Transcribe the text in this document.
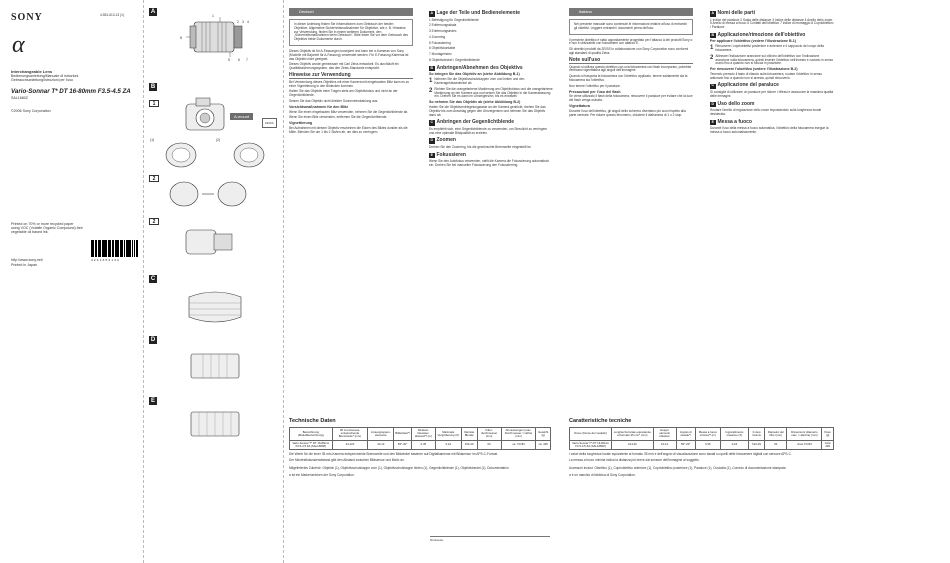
SONY	4-551-613-13 (1)
α
Interchangeable Lens
Bedienungsanleitung/Manuale di istruzioni
Gebrauchsanleitung/Istruzioni per l'uso
Vario-Sonnar T* DT 16-80mm F3.5-4.5 ZA
SAL1680Z
©2006 Sony Corporation
Printed on 70% or more recycled paper using VOC (Volatile Organic Compound)-free vegetable oil based ink.
http://www.sony.net/
Printed in Japan
4 2 6 1 6 5 3 1 3 0
A
1
2 3 4
5 6 7
8
B
1
A-mount
ZEISS
(1)	(2)
2
2
C
D
E
Deutsch
In dieser Anleitung finden Sie Informationen zum Gebrauch der beiden Objektive. Allgemeine Sicherheitsmaßnahmen für Objektive, wie z. B. Hinweise zur Verwendung, finden Sie in einem weiteren Dokument, den „Sicherheitsmaßnahmen beim Gebrauch". Bitte lesen Sie vor dem Gebrauch des Objektivs beide Dokumente durch.

Dieses Objektiv ist für A-Fassungen konzipiert und kann bei α-Kameras von Sony (Modelle mit Bajonett für A-Fassung) verwendet werden. Für E-Fassung-Kameras ist das Objektiv nicht geeignet.

Dieses Objektiv wurde gemeinsam mit Carl Zeiss entwickelt. Es durchläuft ein Qualitätssicherungssystem, das den Zeiss-Standards entspricht.

Hinweise zur Verwendung

Bei Verwendung dieses Objektivs mit einer Kamera mit eingebautem Blitz kann es zu einer Vignettierung in den Bildecken kommen.

Halten Sie das Objektiv beim Tragen stets am Objektivtubus und nicht an der Gegenlichtblende.

Setzen Sie das Objektiv nicht direkter Sonneneinstrahlung aus.

Vorsichtsmaßnahmen für den Blitz

Wenn Sie einen eingebauten Blitz verwenden, nehmen Sie die Gegenlichtblende ab.

Wenn Sie einen Blitz verwenden, entfernen Sie die Gegenlichtblende.

Vignettierung

Bei Aufnahmen mit diesem Objektiv erscheinen die Ecken des Bildes dunkler als die Mitte. Blenden Sie um 1 bis 2 Stufen ab, um dies zu verringern.

A Lage der Teile und Bedienelemente

1 Befestigung für Gegenlichtblende

2 Entfernungsskala

3 Entfernungsindex

4 Zoomring

5 Fokussierring

6 Objektivkontakte

7 Montageindex

8 Objektivdeckel / Gegenlichtblende

B Anbringen/Abnehmen des Objektivs
So bringen Sie das Objektiv an (siehe Abbildung B-1)
1 Nehmen Sie die Objektivschutzkappen vorn und hinten und den Kameragehäusedeckel ab.
2 Richten Sie die orangefarbene Markierung am Objektivtubus und die orangefarbene Markierung an der Kamera aus und setzen Sie das Objektiv in die Kamerafassung ein. Drehen Sie es dann im Uhrzeigersinn, bis es einrastet.
So nehmen Sie das Objektiv ab (siehe Abbildung B-2)

Halten Sie die Objektiventriegelungstaste an der Kamera gedrückt, drehen Sie das Objektiv bis zum Anschlag gegen den Uhrzeigersinn und nehmen Sie das Objektiv dann ab.

C Anbringen der Gegenlichtblende

Es empfiehlt sich, eine Gegenlichtblende zu verwenden, um Streulicht zu verringern und eine optimale Bildqualität zu erzielen.

D Zoomen

Drehen Sie den Zoomring, bis die gewünschte Brennweite eingestellt ist.

E Fokussieren

Wenn Sie den Autofokus verwenden, stellt die Kamera die Fokussierung automatisch ein. Drehen Sie bei manueller Fokussierung den Fokussierring.

Italiano
Nel presente manuale sono contenute le informazioni relative all'uso di entrambi gli obiettivi. Leggere entrambi i documenti prima dell'uso.

Il presente obiettivo è stato appositamente progettato per l'attacco A dei prodotti Sony α e non è utilizzabile con fotocamere con attacco E.

Gli obiettivi prodotti da ZEISS in collaborazione con Sony Corporation sono conformi agli standard di qualità Zeiss.

Note sull'uso

Quando si utilizza questo obiettivo con una fotocamera con flash incorporato, potrebbe verificarsi vignettatura agli angoli dell'immagine.

Quando si trasporta la fotocamera con l'obiettivo applicato, tenere saldamente sia la fotocamera sia l'obiettivo.

Non tenere l'obiettivo per il paraluce.

Precauzioni per l'uso del flash

Se viene utilizzato il flash della fotocamera, rimuovere il paraluce per evitare che la luce del flash venga ostruita.

Vignettatura

Durante l'uso dell'obiettivo, gli angoli dello schermo diventano più scuri rispetto alla parte centrale. Per ridurre questo fenomeno, chiudere il diaframma di 1 o 2 stop.

A Nomi delle parti

1 Indice del paraluce 2 Scala delle distanze 3 Indice delle distanze 4 Anello dello zoom 5 Anello di messa a fuoco 6 Contatti dell'obiettivo 7 Indice di montaggio 8 Copriobiettivo / Paraluce

B Applicazione/rimozione dell'obiettivo
Per applicare l'obiettivo (vedere l'illustrazione B-1)
1 Rimuovere i copriobiettivi posteriore e anteriore e il cappuccio del corpo della fotocamera.
2 Allineare l'indicazione arancione sul cilindro dell'obiettivo con l'indicazione arancione sulla fotocamera, quindi inserire l'obiettivo nell'innesto e ruotarlo in senso orario fino a quando non si blocca in posizione.
Per rimuovere l'obiettivo (vedere l'illustrazione B-2)

Tenendo premuto il tasto di rilascio sulla fotocamera, ruotare l'obiettivo in senso antiorario fino a quando non si arresta, quindi rimuoverlo.

C Applicazione del paraluce

Si consiglia di utilizzare un paraluce per ridurre i riflessi e assicurare la massima qualità delle immagini.

D Uso dello zoom

Ruotare l'anello di regolazione dello zoom impostandolo sulla lunghezza focale desiderata.

E Messa a fuoco

Durante l'uso della messa a fuoco automatica, l'obiettivo della fotocamera esegue la messa a fuoco automaticamente.

Technische Daten
Bezeichnung (Modellbezeichnung)	35 mm-Kamera-entsprechende Brennweite* (mm)	Linsengruppen-elemente	Bildwinkel*²	Mindest-fokussier-abstand*³ (m)	Maximale Vergrößerung (X)	Kleinste Blende	Filter-durchmesser (mm)	Abmessungen (max. Durchmesser × Höhe) (mm)	Gewicht (g)
Vario-Sonnar T* DT 16-80mm F3.5-4.5 ZA (SAL1680Z)	24-120	10-14	83°-20°	0,35	0,24	f/22-29	62	ca. 72×83	ca. 445

Die Werte für die einer 35 mm-Kamera entsprechende Brennweite und den Bildwinkel basieren auf Digitalkameras mit Bildsensor im APS-C-Format.

Der Mindestfokussierabstand gibt den Abstand zwischen Bildsensor und Motiv an.

Mitgeliefertes Zubehör: Objektiv (1), Objektivschutzkappe vorn (1), Objektivschutzkappe hinten (1), Gegenlichtblende (1), Objektivbeutel (1), Dokumentation

α ist ein Markenzeichen der Sony Corporation.

Rückseite
Caratteristiche tecniche
Nome (Nome del modello)	Lunghezza focale equivalente al formato 35 mm* (mm)	Gruppi-elementi obiettivo	Angolo di visuale*²	Messa a fuoco minima*³ (m)	Ingrandimento massimo (X)	F-stop minimo	Diametro del filtro (mm)	Dimensioni (diametro max. × altezza) (mm)	Peso (g)
Vario-Sonnar T* DT 16-80mm F3.5-4.5 ZA (SAL1680Z)	24-120	10-14	83°-20°	0,35	0,24	f/22-29	62	circa 72×83	circa 445

I valori della lunghezza focale equivalente al formato 35 mm e dell'angolo di visualizzazione sono basati su quelli delle fotocamere digitali con sensore APS-C.

La messa a fuoco minima indica la distanza più breve dal sensore dell'immagine al soggetto.

Accessori inclusi: Obiettivo (1), Copriobiettivo anteriore (1), Copriobiettivo posteriore (1), Paraluce (1), Custodia (1), Corredo di documentazione stampata

α è un marchio di fabbrica di Sony Corporation.
